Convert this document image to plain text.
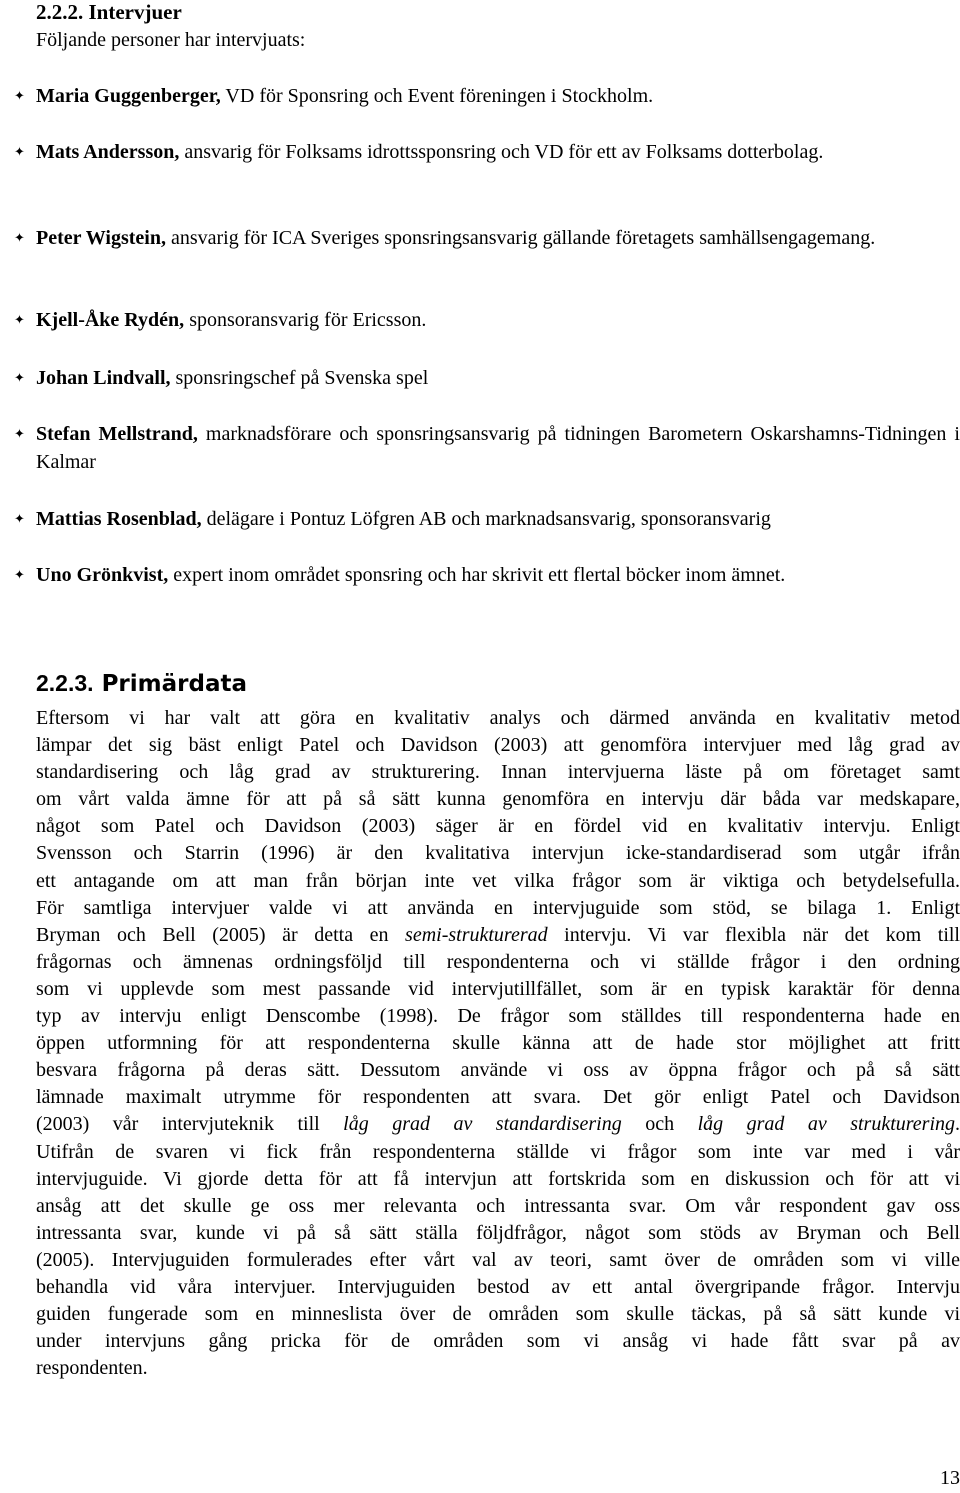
2.2.2. Intervjuer
Följande personer har intervjuats:
✦ Maria Guggenberger, VD för Sponsring och Event föreningen i Stockholm.
✦ Mats Andersson, ansvarig för Folksams idrottssponsring och VD för ett av Folksams dotterbolag.
✦ Peter Wigstein, ansvarig för ICA Sveriges sponsringsansvarig gällande företagets samhällsengagemang.
✦ Kjell-Åke Rydén, sponsoransvarig för Ericsson.
✦ Johan Lindvall, sponsringschef på Svenska spel
✦ Stefan Mellstrand, marknadsförare och sponsringsansvarig på tidningen Barometern Oskarshamns-Tidningen i Kalmar
✦ Mattias Rosenblad, delägare i Pontuz Löfgren AB och marknadsansvarig, sponsoransvarig
✦ Uno Grönkvist, expert inom området sponsring och har skrivit ett flertal böcker inom ämnet.
2.2.3. Primärdata
Eftersom vi har valt att göra en kvalitativ analys och därmed använda en kvalitativ metod
lämpar det sig bäst enligt Patel och Davidson (2003) att genomföra intervjuer med låg grad av
standardisering och låg grad av strukturering. Innan intervjuerna läste på om företaget samt
om vårt valda ämne för att på så sätt kunna genomföra en intervju där båda var medskapare,
något som Patel och Davidson (2003) säger är en fördel vid en kvalitativ intervju. Enligt
Svensson och Starrin (1996) är den kvalitativa intervjun icke-standardiserad som utgår ifrån
ett antagande om att man från början inte vet vilka frågor som är viktiga och betydelsefulla.
För samtliga intervjuer valde vi att använda en intervjuguide som stöd, se bilaga 1. Enligt
Bryman och Bell (2005) är detta en semi-strukturerad intervju. Vi var flexibla när det kom till
frågornas och ämnenas ordningsföljd till respondenterna och vi ställde frågor i den ordning
som vi upplevde som mest passande vid intervjutillfället, som är en typisk karaktär för denna
typ av intervju enligt Denscombe (1998). De frågor som ställdes till respondenterna hade en
öppen utformning för att respondenterna skulle känna att de hade stor möjlighet att fritt
besvara frågorna på deras sätt. Dessutom använde vi oss av öppna frågor och på så sätt
lämnade maximalt utrymme för respondenten att svara. Det gör enligt Patel och Davidson
(2003) vår intervjuteknik till låg grad av standardisering och låg grad av strukturering.
Utifrån de svaren vi fick från respondenterna ställde vi frågor som inte var med i vår
intervjuguide. Vi gjorde detta för att få intervjun att fortskrida som en diskussion och för att vi
ansåg att det skulle ge oss mer relevanta och intressanta svar. Om vår respondent gav oss
intressanta svar, kunde vi på så sätt ställa följdfrågor, något som stöds av Bryman och Bell
(2005). Intervjuguiden formulerades efter vårt val av teori, samt över de områden som vi ville
behandla vid våra intervjuer. Intervjuguiden bestod av ett antal övergripande frågor. Intervju
guiden fungerade som en minneslista över de områden som skulle täckas, på så sätt kunde vi
under intervjuns gång pricka för de områden som vi ansåg vi hade fått svar på av
respondenten.
13
